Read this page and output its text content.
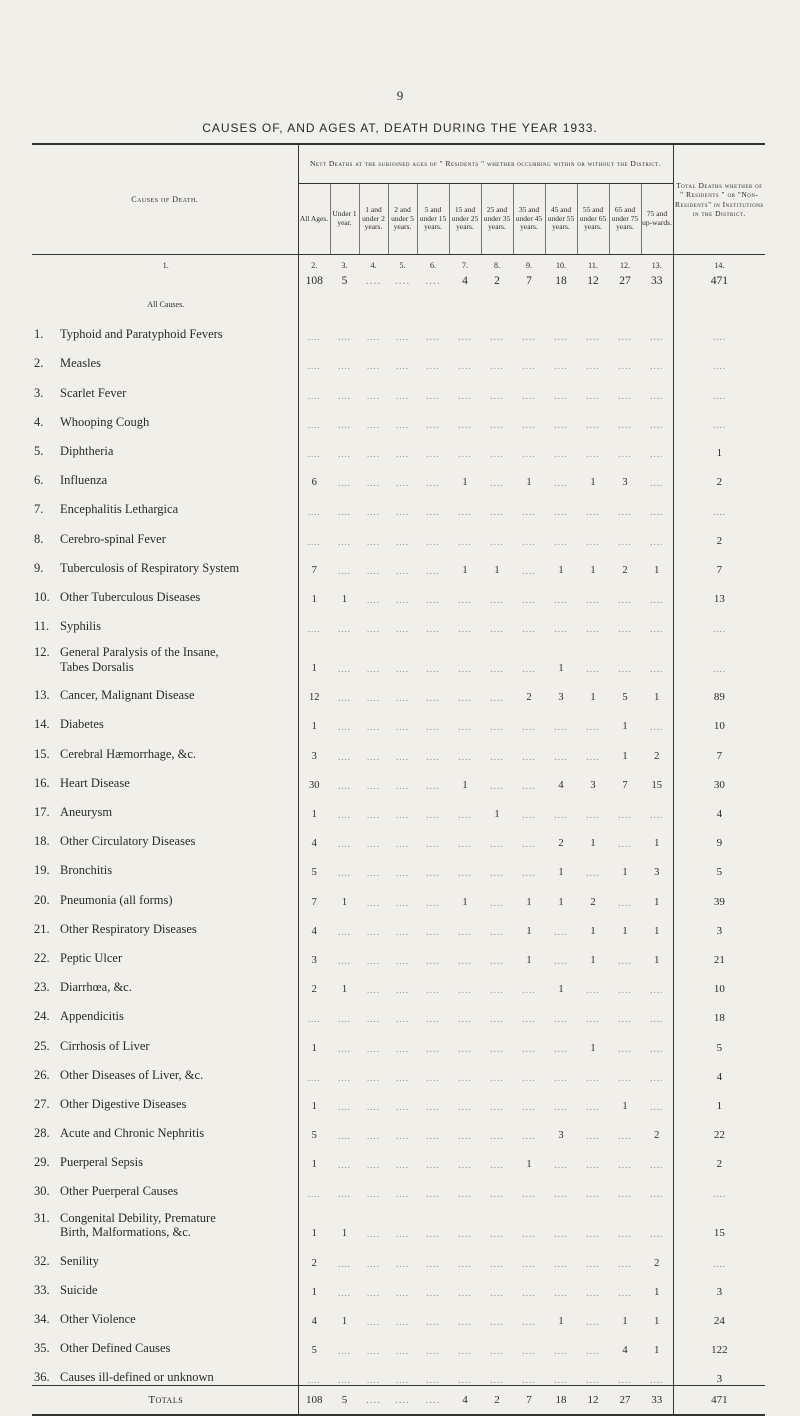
9
CAUSES OF, AND AGES AT, DEATH DURING THE YEAR 1933.
Causes of Death.	Nett Deaths at the subjoined ages of " Residents " whether occurring within or without the District.												Total Deaths whether of " Residents " or "Non-Residents" in Institutions in the District.
	All Ages.	Under 1 year.	1 and under 2 years.	2 and under 5 years.	5 and under 15 years.	15 and under 25 years.	25 and under 35 years.	35 and under 45 years.	45 and under 55 years.	55 and under 65 years.	65 and under 75 years.	75 and up-wards.	
1.	2.	3.	4.	5.	6.	7.	8.	9.	10.	11.	12.	13.	14.
All Causes.	108	5	....	....	....	4	2	7	18	12	27	33	471
1. Typhoid and Paratyphoid Fevers	....	....	....	....	....	....	....	....	....	....	....	....	....
2. Measles	....	....	....	....	....	....	....	....	....	....	....	....	....
3. Scarlet Fever	....	....	....	....	....	....	....	....	....	....	....	....	....
4. Whooping Cough	....	....	....	....	....	....	....	....	....	....	....	....	....
5. Diphtheria	....	....	....	....	....	....	....	....	....	....	....	....	1
6. Influenza	6	....	....	....	....	1	....	1	....	1	3	....	2
7. Encephalitis Lethargica	....	....	....	....	....	....	....	....	....	....	....	....	....
8. Cerebro-spinal Fever	....	....	....	....	....	....	....	....	....	....	....	....	2
9. Tuberculosis of Respiratory System	7	....	....	....	....	1	1	....	1	1	2	1	7
10. Other Tuberculous Diseases	1	1	....	....	....	....	....	....	....	....	....	....	13
11. Syphilis	....	....	....	....	....	....	....	....	....	....	....	....	....
12. General Paralysis of the Insane,
Tabes Dorsalis	1	....	....	....	....	....	....	....	1	....	....	....	....
13. Cancer, Malignant Disease	12	....	....	....	....	....	....	2	3	1	5	1	89
14. Diabetes	1	....	....	....	....	....	....	....	....	....	1	....	10
15. Cerebral Hæmorrhage, &c.	3	....	....	....	....	....	....	....	....	....	1	2	7
16. Heart Disease	30	....	....	....	....	1	....	....	4	3	7	15	30
17. Aneurysm	1	....	....	....	....	....	1	....	....	....	....	....	4
18. Other Circulatory Diseases	4	....	....	....	....	....	....	....	2	1	....	1	9
19. Bronchitis	5	....	....	....	....	....	....	....	1	....	1	3	5
20. Pneumonia (all forms)	7	1	....	....	....	1	....	1	1	2	....	1	39
21. Other Respiratory Diseases	4	....	....	....	....	....	....	1	....	1	1	1	3
22. Peptic Ulcer	3	....	....	....	....	....	....	1	....	1	....	1	21
23. Diarrhœa, &c.	2	1	....	....	....	....	....	....	1	....	....	....	10
24. Appendicitis	....	....	....	....	....	....	....	....	....	....	....	....	18
25. Cirrhosis of Liver	1	....	....	....	....	....	....	....	....	1	....	....	5
26. Other Diseases of Liver, &c.	....	....	....	....	....	....	....	....	....	....	....	....	4
27. Other Digestive Diseases	1	....	....	....	....	....	....	....	....	....	1	....	1
28. Acute and Chronic Nephritis	5	....	....	....	....	....	....	....	3	....	....	2	22
29. Puerperal Sepsis	1	....	....	....	....	....	....	1	....	....	....	....	2
30. Other Puerperal Causes	....	....	....	....	....	....	....	....	....	....	....	....	....
31. Congenital Debility, Premature
Birth, Malformations, &c.	1	1	....	....	....	....	....	....	....	....	....	....	15
32. Senility	2	....	....	....	....	....	....	....	....	....	....	2	....
33. Suicide	1	....	....	....	....	....	....	....	....	....	....	1	3
34. Other Violence	4	1	....	....	....	....	....	....	1	....	1	1	24
35. Other Defined Causes	5	....	....	....	....	....	....	....	....	....	4	1	122
36. Causes ill-defined or unknown	....	....	....	....	....	....	....	....	....	....	....	....	3
Totals	108	5	....	....	....	4	2	7	18	12	27	33	471
